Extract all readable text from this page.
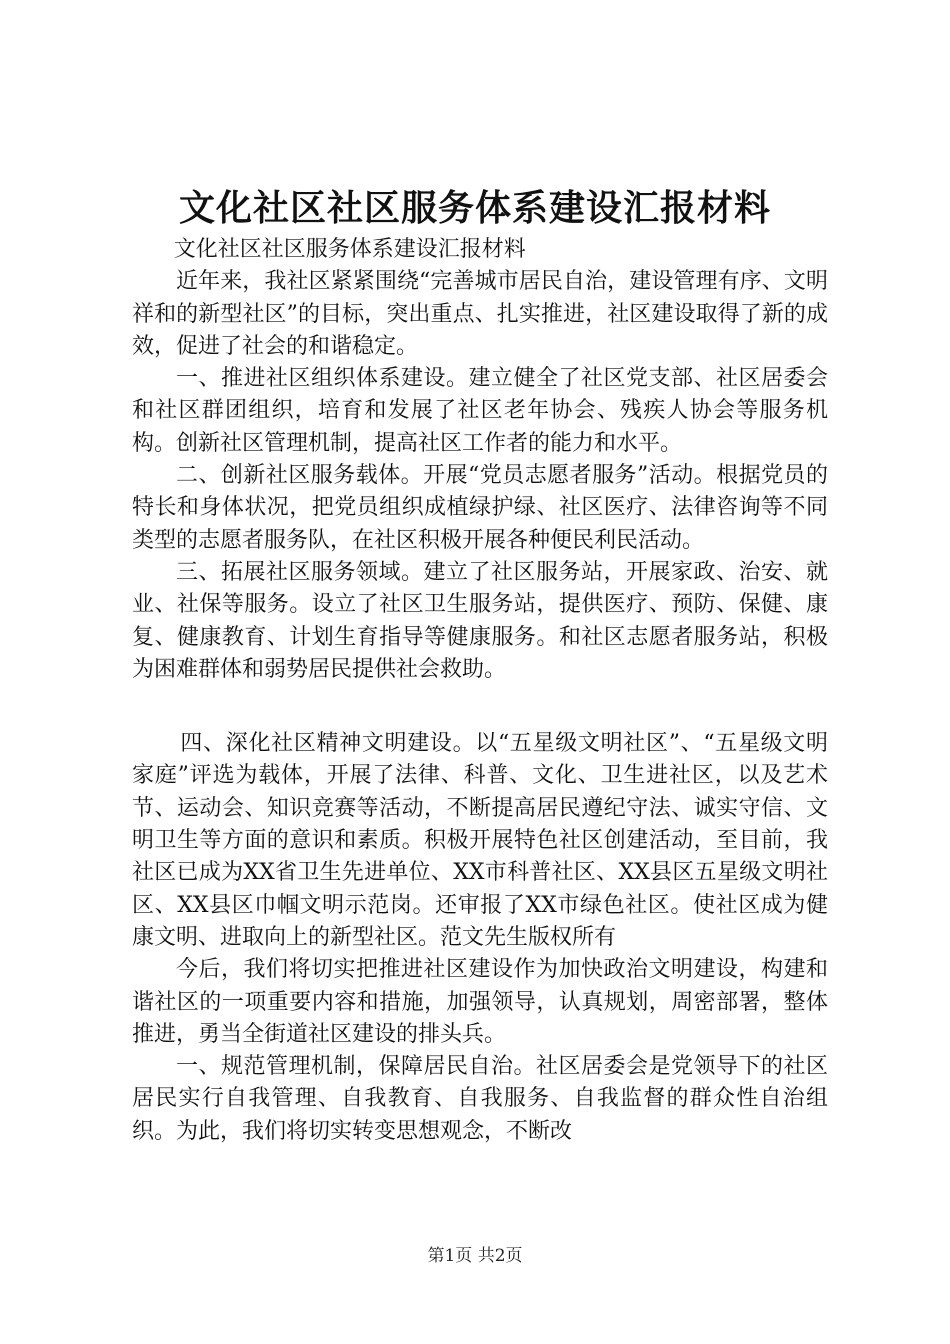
文化社区社区服务体系建设汇报材料

文化社区社区服务体系建设汇报材料

近年来，我社区紧紧围绕“完善城市居民自治，建设管理有序、文明祥和的新型社区”的目标，突出重点、扎实推进，社区建设取得了新的成效，促进了社会的和谐稳定。

一、推进社区组织体系建设。建立健全了社区党支部、社区居委会和社区群团组织，培育和发展了社区老年协会、残疾人协会等服务机构。创新社区管理机制，提高社区工作者的能力和水平。

二、创新社区服务载体。开展“党员志愿者服务”活动。根据党员的特长和身体状况，把党员组织成植绿护绿、社区医疗、法律咨询等不同类型的志愿者服务队，在社区积极开展各种便民利民活动。

三、拓展社区服务领域。建立了社区服务站，开展家政、治安、就业、社保等服务。设立了社区卫生服务站，提供医疗、预防、保健、康复、健康教育、计划生育指导等健康服务。和社区志愿者服务站，积极为困难群体和弱势居民提供社会救助。

四、深化社区精神文明建设。以“五星级文明社区”、“五星级文明家庭”评选为载体，开展了法律、科普、文化、卫生进社区，以及艺术节、运动会、知识竞赛等活动，不断提高居民遵纪守法、诚实守信、文明卫生等方面的意识和素质。积极开展特色社区创建活动，至目前，我社区已成为XX省卫生先进单位、XX市科普社区、XX县区五星级文明社区、XX县区巾帼文明示范岗。还审报了XX市绿色社区。使社区成为健康文明、进取向上的新型社区。范文先生版权所有

今后，我们将切实把推进社区建设作为加快政治文明建设，构建和谐社区的一项重要内容和措施，加强领导，认真规划，周密部署，整体推进，勇当全街道社区建设的排头兵。

一、规范管理机制，保障居民自治。社区居委会是党领导下的社区居民实行自我管理、自我教育、自我服务、自我监督的群众性自治组织。为此，我们将切实转变思想观念，不断改

第1页 共2页
